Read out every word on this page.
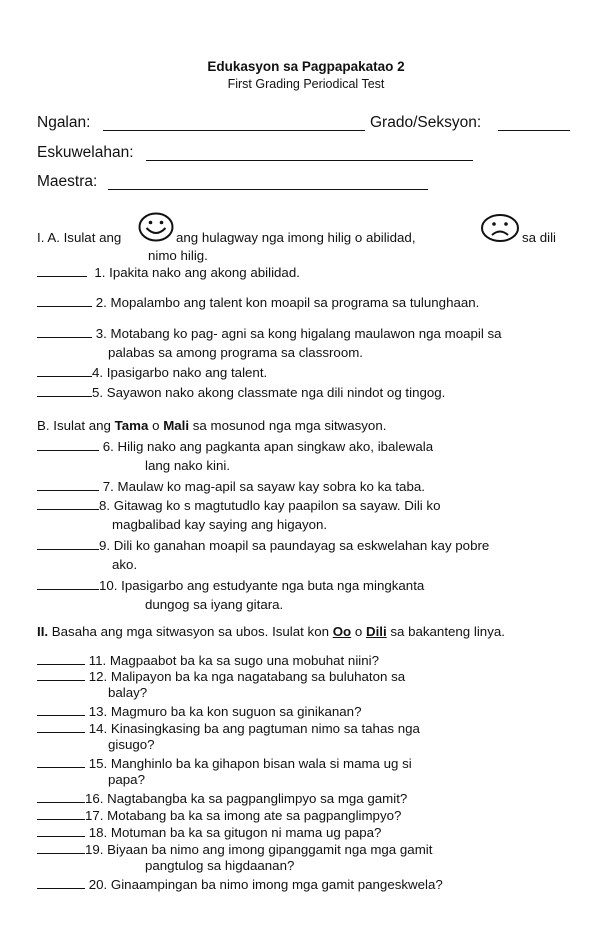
Edukasyon sa Pagpapakatao 2
First Grading Periodical Test
Ngalan:	Grado/Seksyon:
Eskuwelahan:
Maestra:
I. A. Isulat ang	ang hulagway nga imong hilig o abilidad,	sa dili
nimo hilig.
1. Ipakita nako ang akong abilidad.
2. Mopalambo ang talent kon moapil sa programa sa tulunghaan.
3. Motabang ko pag- agni sa kong higalang maulawon nga moapil sa
palabas sa among programa sa classroom.
4. Ipasigarbo nako ang talent.
5. Sayawon nako akong classmate nga dili nindot og tingog.
B. Isulat ang Tama o Mali sa mosunod nga mga sitwasyon.
6. Hilig nako ang pagkanta apan singkaw ako, ibalewala
lang nako kini.
7. Maulaw ko mag-apil sa sayaw kay sobra ko ka taba.
8. Gitawag ko s magtutudlo kay paapilon sa sayaw. Dili ko
magbalibad kay saying ang higayon.
9. Dili ko ganahan moapil sa paundayag sa eskwelahan kay pobre
ako.
10. Ipasigarbo ang estudyante nga buta nga mingkanta
dungog sa iyang gitara.
II. Basaha ang mga sitwasyon sa ubos. Isulat kon Oo o Dili sa bakanteng linya.
11. Magpaabot ba ka sa sugo una mobuhat niini?
12. Malipayon ba ka nga nagatabang sa buluhaton sa
balay?
13. Magmuro ba ka kon suguon sa ginikanan?
14. Kinasingkasing ba ang pagtuman nimo sa tahas nga
gisugo?
15. Manghinlo ba ka gihapon bisan wala si mama ug si
papa?
16. Nagtabangba ka sa pagpanglimpyo sa mga gamit?
17. Motabang ba ka sa imong ate sa pagpanglimpyo?
18. Motuman ba ka sa gitugon ni mama ug papa?
19. Biyaan ba nimo ang imong gipanggamit nga mga gamit
pangtulog sa higdaanan?
20. Ginaampingan ba nimo imong mga gamit pangeskwela?
